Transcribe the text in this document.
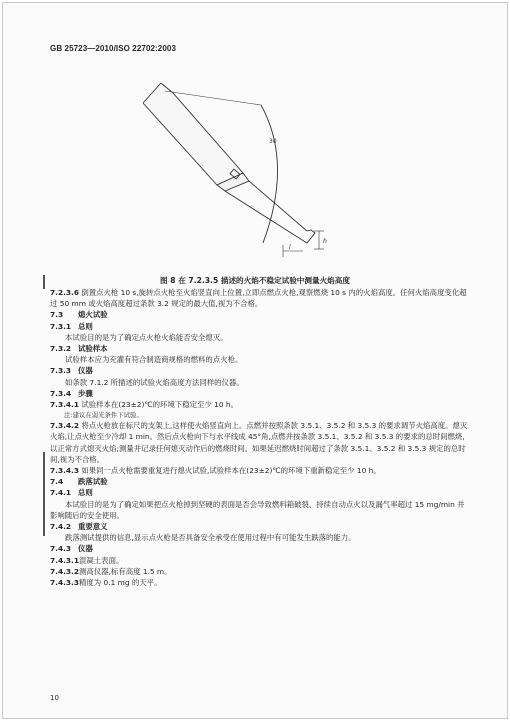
GB 25723—2010/ISO 22702:2003
30
h
l
图 8 在 7.2.3.5 描述的火焰不稳定试验中测量火焰高度
7.2.3.6 倒置点火枪 10 s,旋转点火枪至火焰竖直向上位置,立即点燃点火枪,观察燃烧 10 s 内的火焰高度。任何火焰高度变化超过 50 mm 或火焰高度超过条款 3.2 规定的最大值,视为不合格。
7.3 熄火试验
7.3.1 总则
本试验目的是为了确定点火枪火焰能否安全熄灭。
7.3.2 试验样本
试验样本应为充灌有符合制造商规格的燃料的点火枪。
7.3.3 仪器
如条款 7.1.2 所描述的试验火焰高度方法同样的仪器。
7.3.4 步骤
7.3.4.1 试验样本在(23±2)℃的环境下稳定至少 10 h。
注:建议在弱光条件下试验。
7.3.4.2 将点火枪放在标尺的支架上,这样使火焰竖直向上。点燃并按照条款 3.5.1、3.5.2 和 3.5.3 的要求调节火焰高度。熄灭火焰,让点火枪至少冷却 1 min。然后点火枪向下与水平线成 45°角,点燃并按条款 3.5.1、3.5.2 和 3.5.3 的要求的总时间燃烧,以正常方式熄灭火焰;测量并记录任何熄灭动作后的燃烧时间。如果延迟燃烧时间超过了条款 3.5.1、3.5.2 和 3.5.3 规定的总时间,视为不合格。
7.3.4.3 如果同一点火枪需要重复进行熄火试验,试验样本在(23±2)℃的环境下重新稳定至少 10 h。
7.4 跌落试验
7.4.1 总则
本试验目的是为了确定如果把点火枪掉到坚硬的表面是否会导致燃料箱破裂、持续自动点火以及漏气率超过 15 mg/min 并影响随后的安全使用。
7.4.2 重要意义
跌落测试提供的信息,显示点火枪是否具备安全承受在使用过程中有可能发生跌落的能力。
7.4.3 仪器
7.4.3.1混凝土表面。
7.4.3.2测高仪器,标有高度 1.5 m。
7.4.3.3精度为 0.1 mg 的天平。
10
